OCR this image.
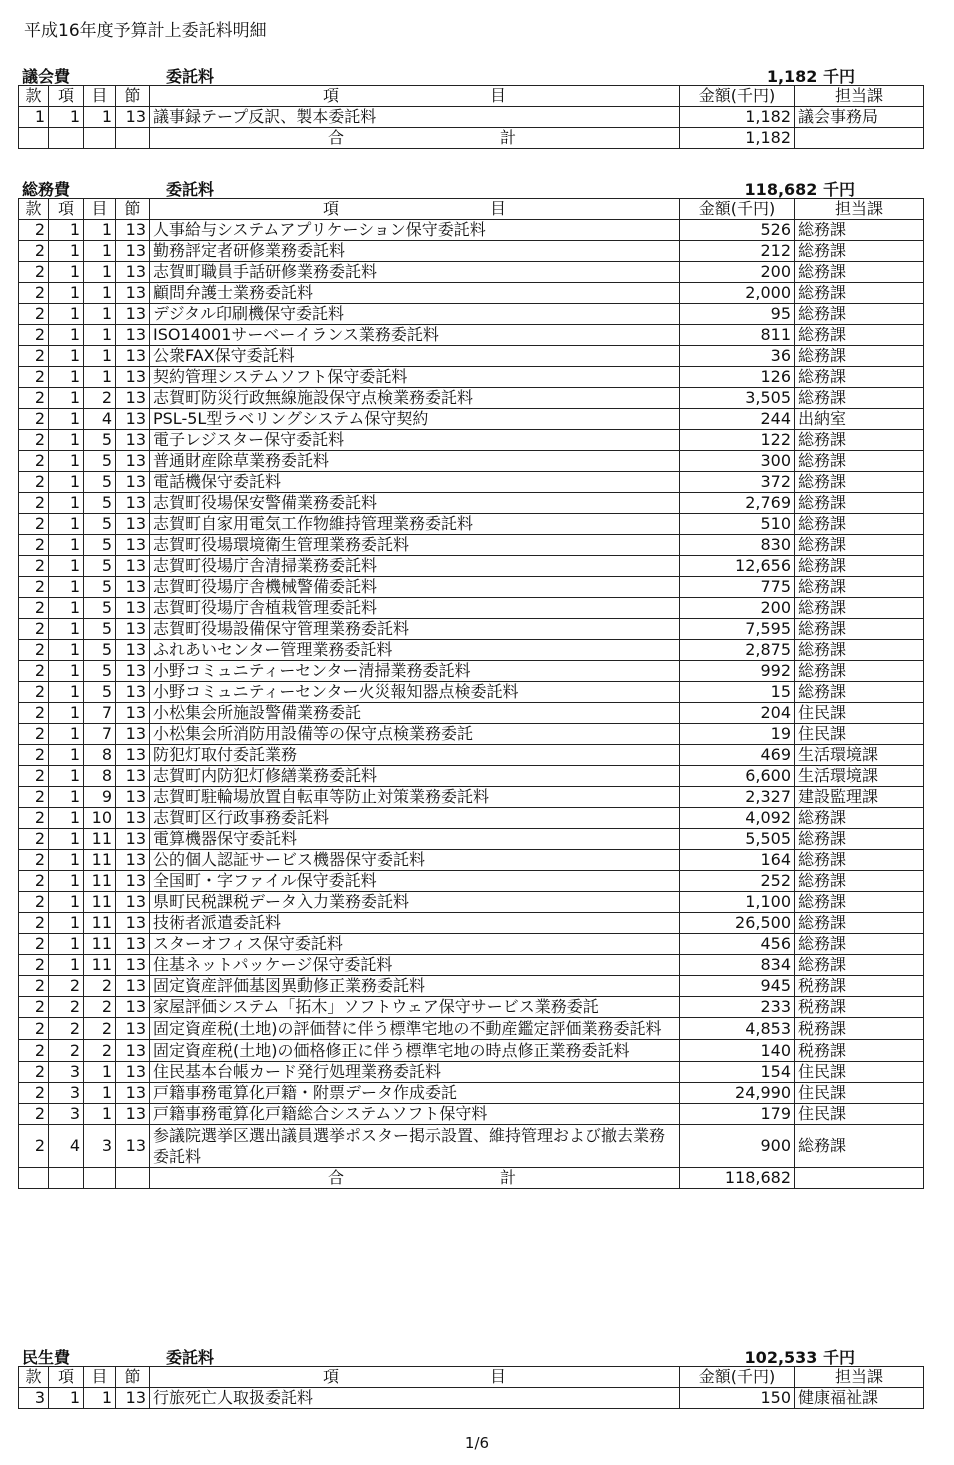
平成16年度予算計上委託料明細
議会費	委託料	1,182 千円
款	項	目	節	項 目	金額(千円)	担当課
1	1	1	13	議事録テープ反訳、製本委託料	1,182	議会事務局

				合 計	1,182	
総務費	委託料	118,682 千円
款	項	目	節	項 目	金額(千円)	担当課
2	1	1	13	人事給与システムアプリケーション保守委託料	526	総務課
2	1	1	13	勤務評定者研修業務委託料	212	総務課
2	1	1	13	志賀町職員手話研修業務委託料	200	総務課
2	1	1	13	顧問弁護士業務委託料	2,000	総務課
2	1	1	13	デジタル印刷機保守委託料	95	総務課
2	1	1	13	ISO14001サーベーイランス業務委託料	811	総務課
2	1	1	13	公衆FAX保守委託料	36	総務課
2	1	1	13	契約管理システムソフト保守委託料	126	総務課
2	1	2	13	志賀町防災行政無線施設保守点検業務委託料	3,505	総務課
2	1	4	13	PSL-5L型ラベリングシステム保守契約	244	出納室
2	1	5	13	電子レジスター保守委託料	122	総務課
2	1	5	13	普通財産除草業務委託料	300	総務課
2	1	5	13	電話機保守委託料	372	総務課
2	1	5	13	志賀町役場保安警備業務委託料	2,769	総務課
2	1	5	13	志賀町自家用電気工作物維持管理業務委託料	510	総務課
2	1	5	13	志賀町役場環境衛生管理業務委託料	830	総務課
2	1	5	13	志賀町役場庁舎清掃業務委託料	12,656	総務課
2	1	5	13	志賀町役場庁舎機械警備委託料	775	総務課
2	1	5	13	志賀町役場庁舎植栽管理委託料	200	総務課
2	1	5	13	志賀町役場設備保守管理業務委託料	7,595	総務課
2	1	5	13	ふれあいセンター管理業務委託料	2,875	総務課
2	1	5	13	小野コミュニティーセンター清掃業務委託料	992	総務課
2	1	5	13	小野コミュニティーセンター火災報知器点検委託料	15	総務課
2	1	7	13	小松集会所施設警備業務委託	204	住民課
2	1	7	13	小松集会所消防用設備等の保守点検業務委託	19	住民課
2	1	8	13	防犯灯取付委託業務	469	生活環境課
2	1	8	13	志賀町内防犯灯修繕業務委託料	6,600	生活環境課
2	1	9	13	志賀町駐輪場放置自転車等防止対策業務委託料	2,327	建設監理課
2	1	10	13	志賀町区行政事務委託料	4,092	総務課
2	1	11	13	電算機器保守委託料	5,505	総務課
2	1	11	13	公的個人認証サービス機器保守委託料	164	総務課
2	1	11	13	全国町・字ファイル保守委託料	252	総務課
2	1	11	13	県町民税課税データ入力業務委託料	1,100	総務課
2	1	11	13	技術者派遣委託料	26,500	総務課
2	1	11	13	スターオフィス保守委託料	456	総務課
2	1	11	13	住基ネットパッケージ保守委託料	834	総務課
2	2	2	13	固定資産評価基図異動修正業務委託料	945	税務課
2	2	2	13	家屋評価システム「拓木」ソフトウェア保守サービス業務委託	233	税務課
2	2	2	13	固定資産税(土地)の評価替に伴う標準宅地の不動産鑑定評価業務委託料	4,853	税務課
2	2	2	13	固定資産税(土地)の価格修正に伴う標準宅地の時点修正業務委託料	140	税務課
2	3	1	13	住民基本台帳カード発行処理業務委託料	154	住民課
2	3	1	13	戸籍事務電算化戸籍・附票データ作成委託	24,990	住民課
2	3	1	13	戸籍事務電算化戸籍総合システムソフト保守料	179	住民課
2	4	3	13	参議院選挙区選出議員選挙ポスター掲示設置、維持管理および撤去業務委託料	900	総務課

				合 計	118,682	
民生費	委託料	102,533 千円
款	項	目	節	項 目	金額(千円)	担当課
3	1	1	13	行旅死亡人取扱委託料	150	健康福祉課
1/6
